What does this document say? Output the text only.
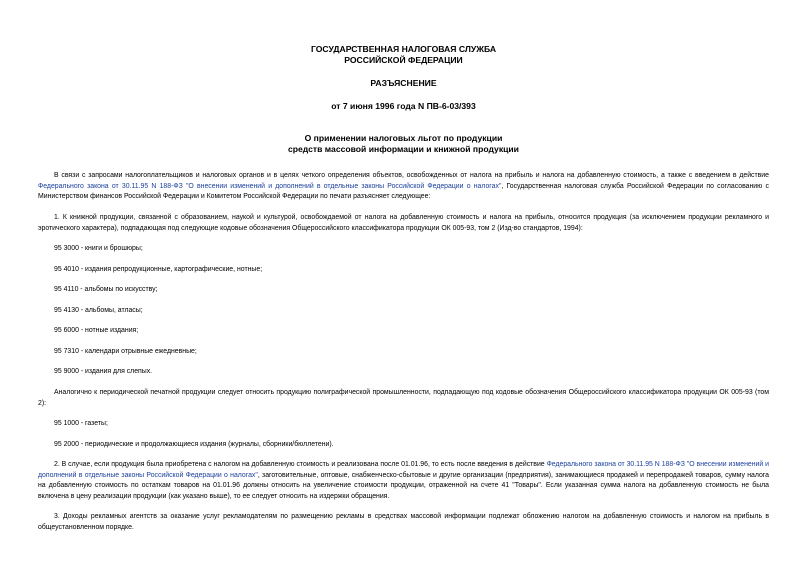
ГОСУДАРСТВЕННАЯ НАЛОГОВАЯ СЛУЖБА
РОССИЙСКОЙ ФЕДЕРАЦИИ
РАЗЪЯСНЕНИЕ
от 7 июня 1996 года N ПВ-6-03/393
О применении налоговых льгот по продукции
средств массовой информации и книжной продукции
В связи с запросами налогоплательщиков и налоговых органов и в целях четкого определения объектов, освобожденных от налога на прибыль и налога на добавленную стоимость, а также с введением в действие Федерального закона от 30.11.95 N 188-ФЗ "О внесении изменений и дополнений в отдельные законы Российской Федерации о налогах", Государственная налоговая служба Российской Федерации по согласованию с Министерством финансов Российской Федерации и Комитетом Российской Федерации по печати разъясняет следующее:
1. К книжной продукции, связанной с образованием, наукой и культурой, освобождаемой от налога на добавленную стоимость и налога на прибыль, относится продукция (за исключением продукции рекламного и эротического характера), подпадающая под следующие кодовые обозначения Общероссийского классификатора продукции ОК 005-93, том 2 (Изд-во стандартов, 1994):
95 3000 - книги и брошюры;
95 4010 - издания репродукционные, картографические, нотные;
95 4110 - альбомы по искусству;
95 4130 - альбомы, атласы;
95 6000 - нотные издания;
95 7310 - календари отрывные ежедневные;
95 9000 - издания для слепых.
Аналогично к периодической печатной продукции следует относить продукцию полиграфической промышленности, подпадающую под кодовые обозначения Общероссийского классификатора продукции ОК 005-93 (том 2):
95 1000 - газеты;
95 2000 - периодические и продолжающиеся издания (журналы, сборники/бюллетени).
2. В случае, если продукция была приобретена с налогом на добавленную стоимость и реализована после 01.01.96, то есть после введения в действие Федерального закона от 30.11.95 N 188-ФЗ "О внесении изменений и дополнений в отдельные законы Российской Федерации о налогах", заготовительные, оптовые, снабженческо-сбытовые и другие организации (предприятия), занимающиеся продажей и перепродажей товаров, сумму налога на добавленную стоимость по остаткам товаров на 01.01.96 должны относить на увеличение стоимости продукции, отраженной на счете 41 "Товары". Если указанная сумма налога на добавленную стоимость не была включена в цену реализации продукции (как указано выше), то ее следует относить на издержки обращения.
3. Доходы рекламных агентств за оказание услуг рекламодателям по размещению рекламы в средствах массовой информации подлежат обложению налогом на добавленную стоимость и налогом на прибыль в общеустановленном порядке.
